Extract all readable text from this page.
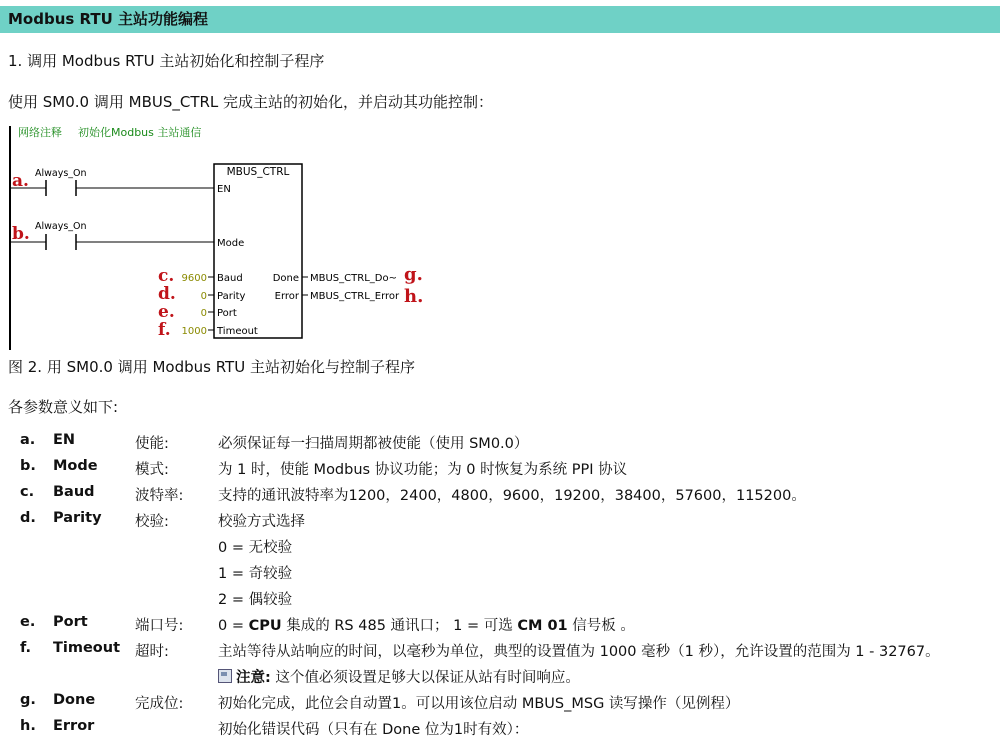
Modbus RTU 主站功能编程
1. 调用 Modbus RTU 主站初始化和控制子程序
使用 SM0.0 调用 MBUS_CTRL 完成主站的初始化，并启动其功能控制：
网络注释 初始化Modbus 主站通信
Always_On
a.
Always_On
b.
MBUS_CTRL
EN
Mode
Baud
Parity
Port
Timeout
9600
0
0
1000
c.
d.
e.
f.
Done
Error
MBUS_CTRL_Do~
MBUS_CTRL_Error
g.
h.
图 2. 用 SM0.0 调用 Modbus RTU 主站初始化与控制子程序
各参数意义如下:
a. EN	使能:	必须保证每一扫描周期都被使能（使用 SM0.0）
b. Mode	模式:	为 1 时，使能 Modbus 协议功能；为 0 时恢复为系统 PPI 协议
c. Baud	波特率: 支持的通讯波特率为1200，2400，4800，9600，19200，38400，57600，115200。
d. Parity 校验:	校验方式选择
0 = 无校验
1 = 奇较验
2 = 偶较验
e. Port	端口号: 0 = CPU 集成的 RS 485 通讯口； 1 = 可选 CM 01 信号板 。
f. Timeout 超时:	主站等待从站响应的时间，以毫秒为单位，典型的设置值为 1000 毫秒（1 秒），允许设置的范围为 1 - 32767。
注意: 这个值必须设置足够大以保证从站有时间响应。
g. Done	完成位: 初始化完成，此位会自动置1。可以用该位启动 MBUS_MSG 读写操作（见例程）
h. Error	初始化错误代码（只有在 Done 位为1时有效）：
